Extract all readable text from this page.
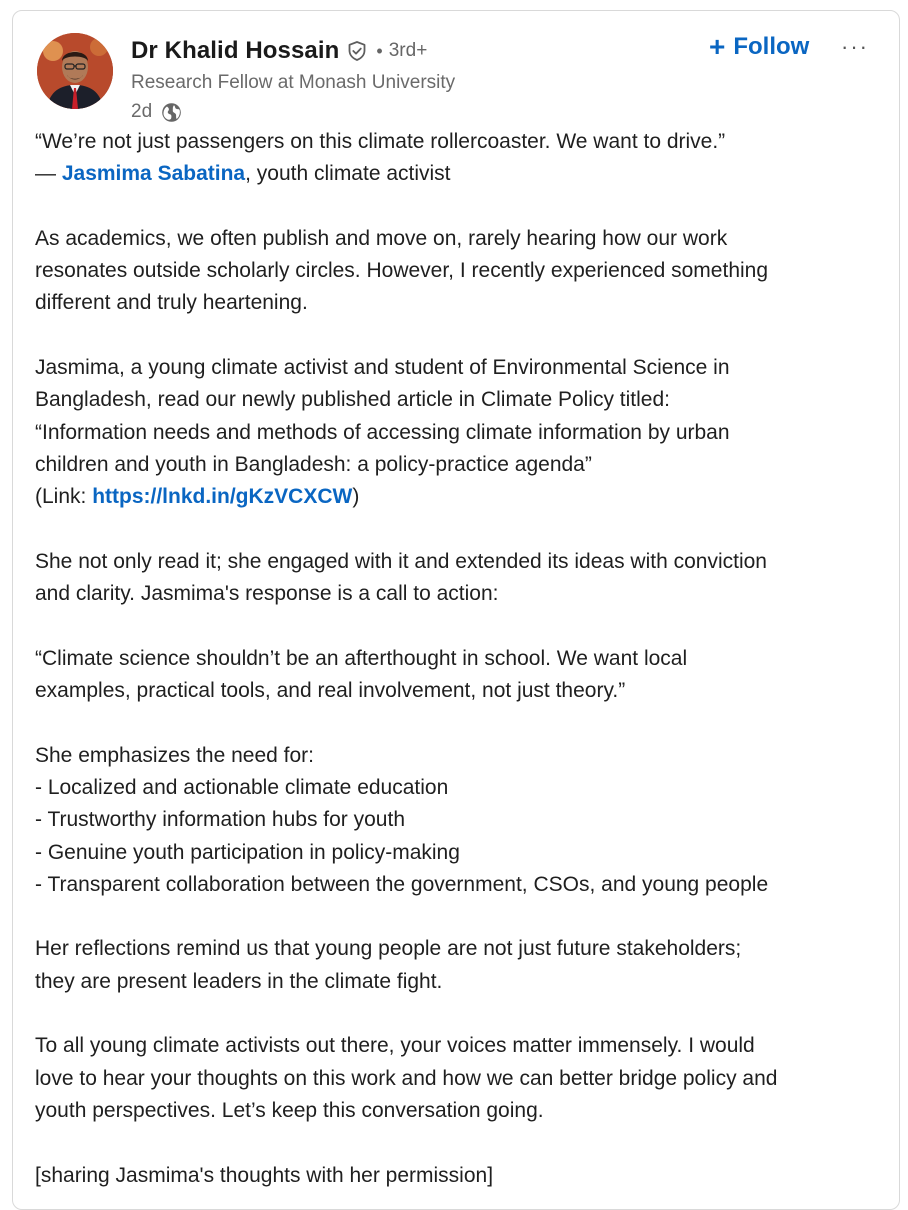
Dr Khalid Hossain • 3rd+
Research Fellow at Monash University
2d
+ Follow ···

“We’re not just passengers on this climate rollercoaster. We want to drive.”
— Jasmima Sabatina, youth climate activist

As academics, we often publish and move on, rarely hearing how our work
resonates outside scholarly circles. However, I recently experienced something
different and truly heartening.

Jasmima, a young climate activist and student of Environmental Science in
Bangladesh, read our newly published article in Climate Policy titled:
“Information needs and methods of accessing climate information by urban
children and youth in Bangladesh: a policy-practice agenda”
(Link: https://lnkd.in/gKzVCXCW)

She not only read it; she engaged with it and extended its ideas with conviction
and clarity. Jasmima's response is a call to action:

“Climate science shouldn’t be an afterthought in school. We want local
examples, practical tools, and real involvement, not just theory.”

She emphasizes the need for:
- Localized and actionable climate education
- Trustworthy information hubs for youth
- Genuine youth participation in policy-making
- Transparent collaboration between the government, CSOs, and young people

Her reflections remind us that young people are not just future stakeholders;
they are present leaders in the climate fight.

To all young climate activists out there, your voices matter immensely. I would
love to hear your thoughts on this work and how we can better bridge policy and
youth perspectives. Let’s keep this conversation going.

[sharing Jasmima's thoughts with her permission]
